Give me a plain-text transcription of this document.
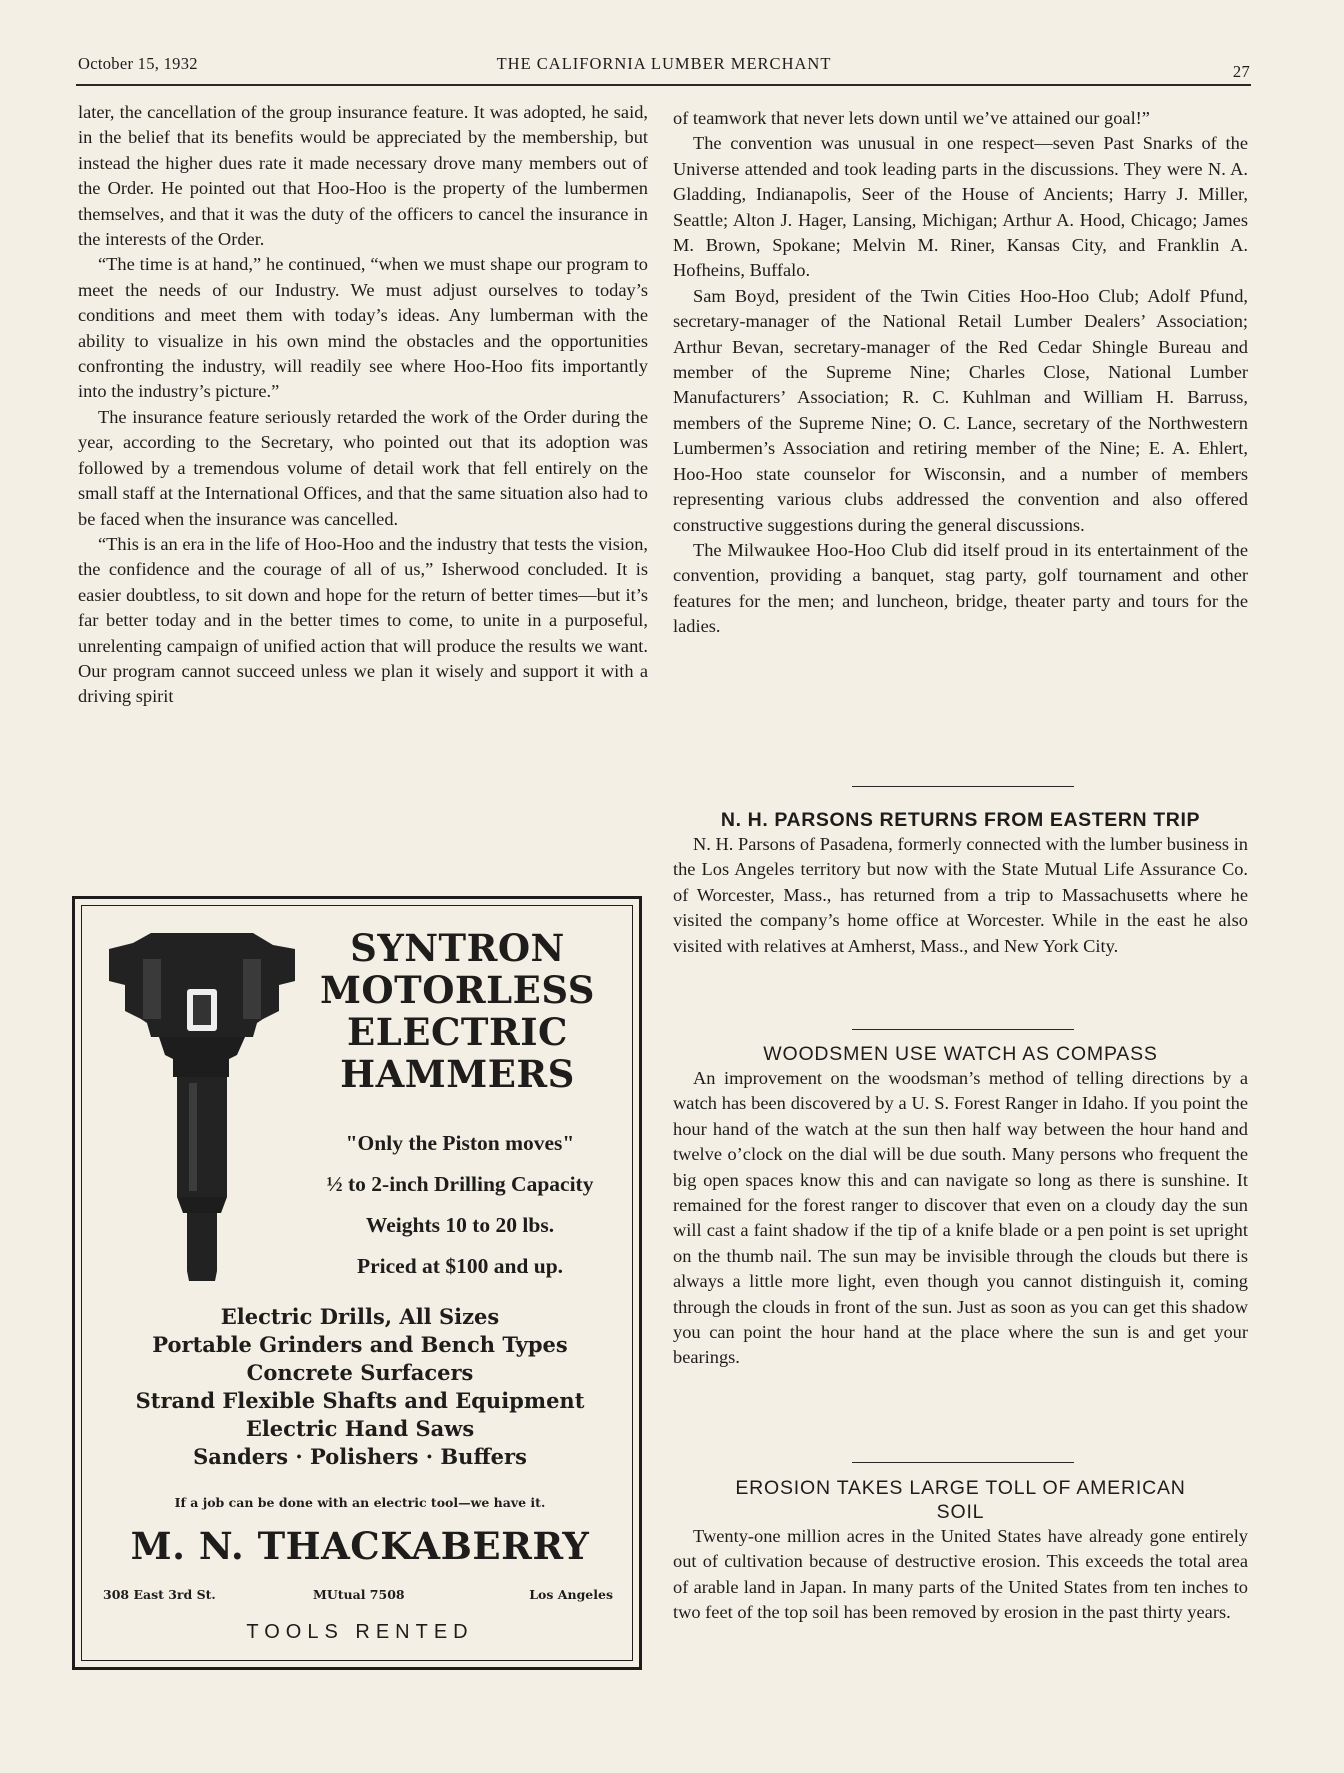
October 15, 1932	THE CALIFORNIA LUMBER MERCHANT	27

later, the cancellation of the group insurance feature. It was adopted, he said, in the belief that its benefits would be appreciated by the membership, but instead the higher dues rate it made necessary drove many members out of the Order. He pointed out that Hoo-Hoo is the property of the lumbermen themselves, and that it was the duty of the officers to cancel the insurance in the interests of the Order.

“The time is at hand,” he continued, “when we must shape our program to meet the needs of our Industry. We must adjust ourselves to today’s conditions and meet them with today’s ideas. Any lumberman with the ability to visualize in his own mind the obstacles and the opportunities confronting the industry, will readily see where Hoo-Hoo fits importantly into the industry’s picture.”

The insurance feature seriously retarded the work of the Order during the year, according to the Secretary, who pointed out that its adoption was followed by a tremendous volume of detail work that fell entirely on the small staff at the International Offices, and that the same situation also had to be faced when the insurance was cancelled.

“This is an era in the life of Hoo-Hoo and the industry that tests the vision, the confidence and the courage of all of us,” Isherwood concluded. It is easier doubtless, to sit down and hope for the return of better times—but it’s far better today and in the better times to come, to unite in a purposeful, unrelenting campaign of unified action that will produce the results we want. Our program cannot succeed unless we plan it wisely and support it with a driving spirit

of teamwork that never lets down until we’ve attained our goal!”

The convention was unusual in one respect—seven Past Snarks of the Universe attended and took leading parts in the discussions. They were N. A. Gladding, Indianapolis, Seer of the House of Ancients; Harry J. Miller, Seattle; Alton J. Hager, Lansing, Michigan; Arthur A. Hood, Chicago; James M. Brown, Spokane; Melvin M. Riner, Kansas City, and Franklin A. Hofheins, Buffalo.

Sam Boyd, president of the Twin Cities Hoo-Hoo Club; Adolf Pfund, secretary-manager of the National Retail Lumber Dealers’ Association; Arthur Bevan, secretary-manager of the Red Cedar Shingle Bureau and member of the Supreme Nine; Charles Close, National Lumber Manufacturers’ Association; R. C. Kuhlman and William H. Barruss, members of the Supreme Nine; O. C. Lance, secretary of the Northwestern Lumbermen’s Association and retiring member of the Nine; E. A. Ehlert, Hoo-Hoo state counselor for Wisconsin, and a number of members representing various clubs addressed the convention and also offered constructive suggestions during the general discussions.

The Milwaukee Hoo-Hoo Club did itself proud in its entertainment of the convention, providing a banquet, stag party, golf tournament and other features for the men; and luncheon, bridge, theater party and tours for the ladies.

N. H. PARSONS RETURNS FROM EASTERN TRIP

N. H. Parsons of Pasadena, formerly connected with the lumber business in the Los Angeles territory but now with the State Mutual Life Assurance Co. of Worcester, Mass., has returned from a trip to Massachusetts where he visited the company’s home office at Worcester. While in the east he also visited with relatives at Amherst, Mass., and New York City.

WOODSMEN USE WATCH AS COMPASS

An improvement on the woodsman’s method of telling directions by a watch has been discovered by a U. S. Forest Ranger in Idaho. If you point the hour hand of the watch at the sun then half way between the hour hand and twelve o’clock on the dial will be due south. Many persons who frequent the big open spaces know this and can navigate so long as there is sunshine. It remained for the forest ranger to discover that even on a cloudy day the sun will cast a faint shadow if the tip of a knife blade or a pen point is set upright on the thumb nail. The sun may be invisible through the clouds but there is always a little more light, even though you cannot distinguish it, coming through the clouds in front of the sun. Just as soon as you can get this shadow you can point the hour hand at the place where the sun is and get your bearings.

EROSION TAKES LARGE TOLL OF AMERICAN
SOIL

Twenty-one million acres in the United States have already gone entirely out of cultivation because of destructive erosion. This exceeds the total area of arable land in Japan. In many parts of the United States from ten inches to two feet of the top soil has been removed by erosion in the past thirty years.

SYNTRON
MOTORLESS
ELECTRIC
HAMMERS
"Only the Piston moves"
½ to 2-inch Drilling Capacity
Weights 10 to 20 lbs.
Priced at $100 and up.
Electric Drills, All Sizes
Portable Grinders and Bench Types
Concrete Surfacers
Strand Flexible Shafts and Equipment
Electric Hand Saws
Sanders · Polishers · Buffers
If a job can be done with an electric tool—we have it.
M. N. THACKABERRY
308 East 3rd St.	MUtual 7508	Los Angeles
TOOLS RENTED
